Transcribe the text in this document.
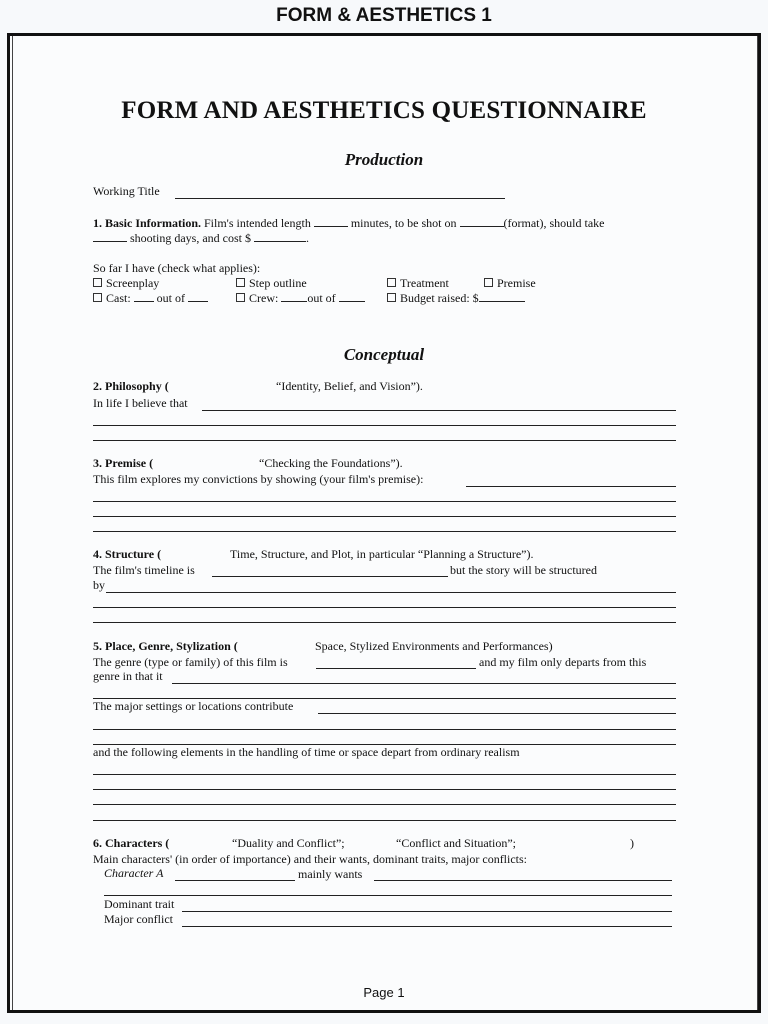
FORM & AESTHETICS 1
FORM AND AESTHETICS QUESTIONNAIRE
Production
Working Title
1. Basic Information. Film's intended length	minutes, to be shot on	(format), should take
shooting days, and cost $	.
So far I have (check what applies):
Screenplay	Step outline	Treatment	Premise
Cast: out of	Crew: out of	Budget raised: $
Conceptual
2. Philosophy (	“Identity, Belief, and Vision”).
In life I believe that
3. Premise (	“Checking the Foundations”).
This film explores my convictions by showing (your film's premise):
4. Structure (	Time, Structure, and Plot, in particular “Planning a Structure”).
The film's timeline is	but the story will be structured
by
5. Place, Genre, Stylization (	Space, Stylized Environments and Performances)
The genre (type or family) of this film is	and my film only departs from this
genre in that it
The major settings or locations contribute
and the following elements in the handling of time or space depart from ordinary realism
6. Characters (	“Duality and Conflict”;	“Conflict and Situation”;	)
Main characters' (in order of importance) and their wants, dominant traits, major conflicts:
Character A	mainly wants
Dominant trait
Major conflict
Page 1
